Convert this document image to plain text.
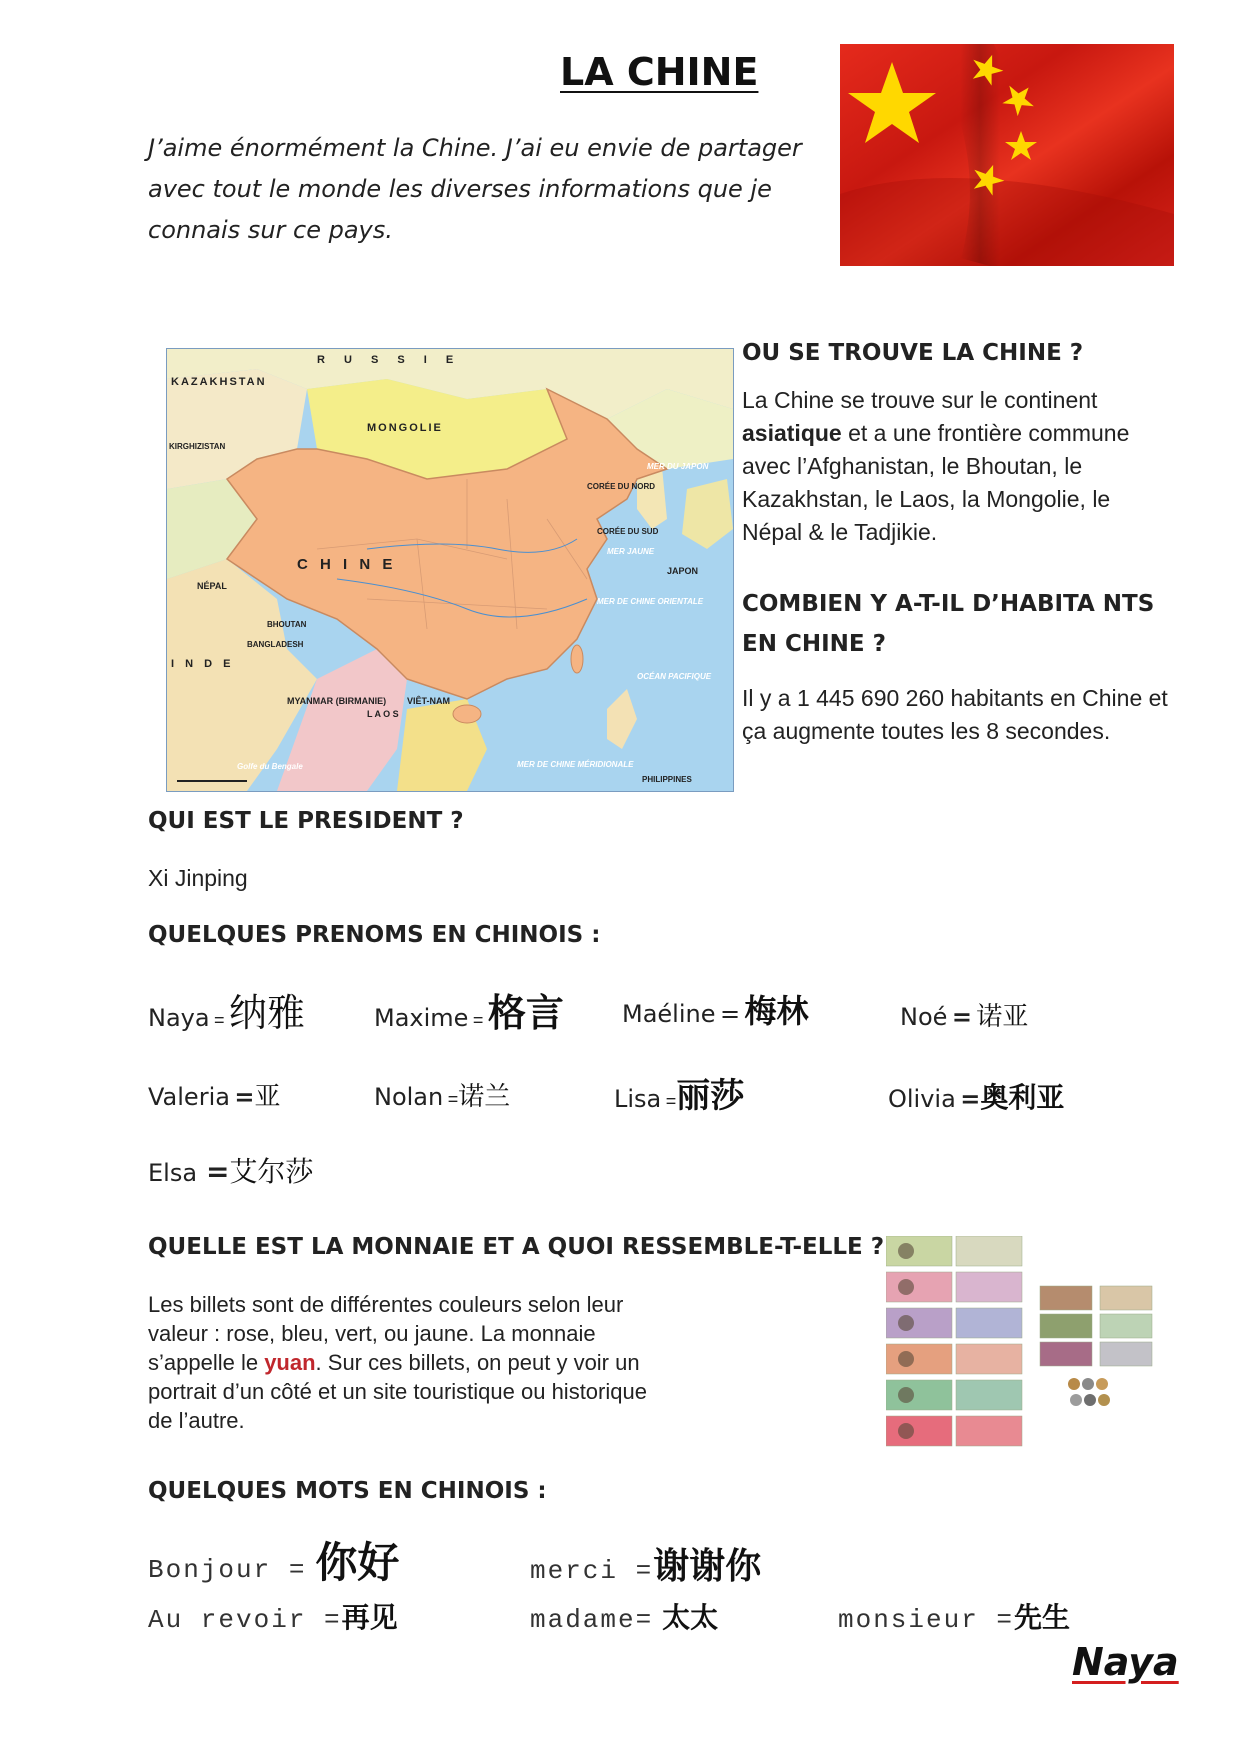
LA CHINE
J’aime énormément la Chine. J’ai eu envie de partager avec tout le monde les diverses informations que je connais sur ce pays.
R U S S I E
KAZAKHSTAN
KIRGHIZISTAN
MONGOLIE
C H I N E
NÉPAL
BHOUTAN
BANGLADESH
I N D E
MYANMAR (BIRMANIE)
L A O S
VIÊT-NAM
CORÉE DU NORD
CORÉE DU SUD
JAPON
PHILIPPINES
MER DU JAPON
MER JAUNE
MER DE CHINE ORIENTALE
OCÉAN PACIFIQUE
MER DE CHINE MÉRIDIONALE
Golfe du Bengale
OU SE TROUVE LA CHINE ?
La Chine se trouve sur le continent asiatique et a une frontière commune avec l’Afghanistan, le Bhoutan, le Kazakhstan, le Laos, la Mongolie, le Népal & le Tadjikie.
COMBIEN Y A-T-IL D’HABITA NTS EN CHINE ?
Il y a 1 445 690 260 habitants en Chine et ça augmente toutes les 8 secondes.
QUI EST LE PRESIDENT ?
Xi Jinping
QUELQUES PRENOMS EN CHINOIS :
Naya = 纳雅	Maxime = 格言 Maéline = 梅林	Noé = 诺亚
Valeria =亚	Nolan =诺兰	Lisa =丽莎	Olivia =奥利亚
Elsa =艾尔莎
QUELLE EST LA MONNAIE ET A QUOI RESSEMBLE-T-ELLE ?
Les billets sont de différentes couleurs selon leur valeur : rose, bleu, vert, ou jaune. La monnaie s’appelle le yuan. Sur ces billets, on peut y voir un portrait d’un côté et un site touristique ou historique de l’autre.
QUELQUES MOTS EN CHINOIS :
Bonjour = 你好	merci =谢谢你
Au revoir =再见	madame= 太太	monsieur =先生
Naya
